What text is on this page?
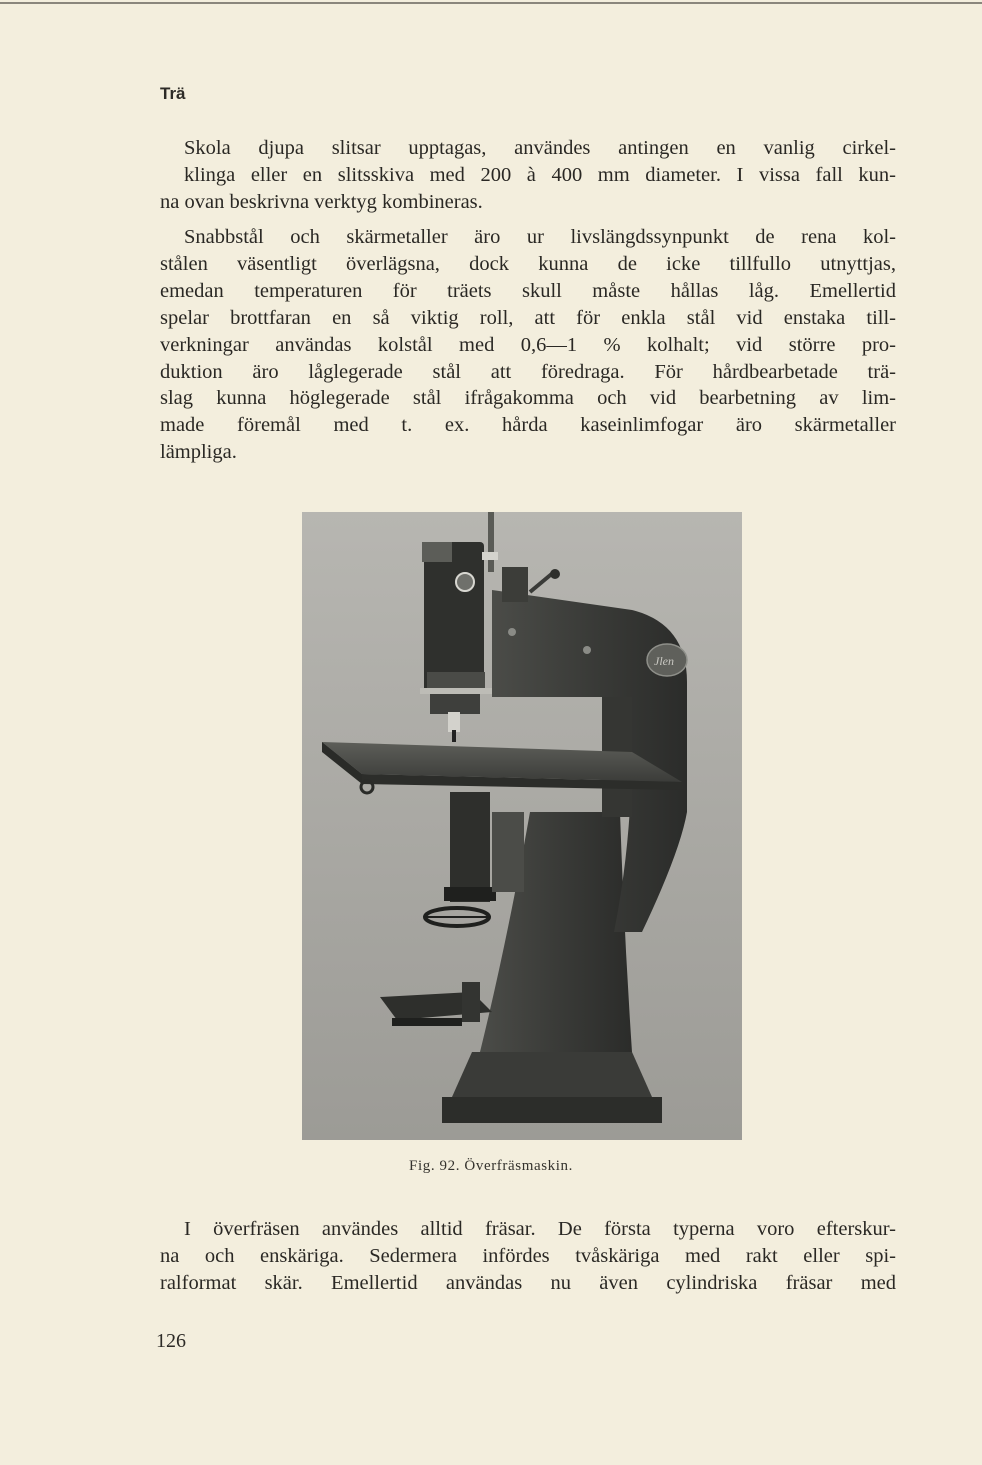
Trä
Skola djupa slitsar upptagas, användes antingen en vanlig cirkel-
klinga eller en slitsskiva med 200 à 400 mm diameter. I vissa fall kun-
na ovan beskrivna verktyg kombineras.
Snabbstål och skärmetaller äro ur livslängdssynpunkt de rena kol-
stålen väsentligt överlägsna, dock kunna de icke tillfullo utnyttjas,
emedan temperaturen för träets skull måste hållas låg. Emellertid
spelar brottfaran en så viktig roll, att för enkla stål vid enstaka till-
verkningar användas kolstål med 0,6—1 % kolhalt; vid större pro-
duktion äro låglegerade stål att föredraga. För hårdbearbetade trä-
slag kunna höglegerade stål ifrågakomma och vid bearbetning av lim-
made föremål med t. ex. hårda kaseinlimfogar äro skärmetaller
lämpliga.
Jlen
Fig. 92. Överfräsmaskin.
I överfräsen användes alltid fräsar. De första typerna voro efterskur-
na och enskäriga. Sedermera infördes tvåskäriga med rakt eller spi-
ralformat skär. Emellertid användas nu även cylindriska fräsar med
126
